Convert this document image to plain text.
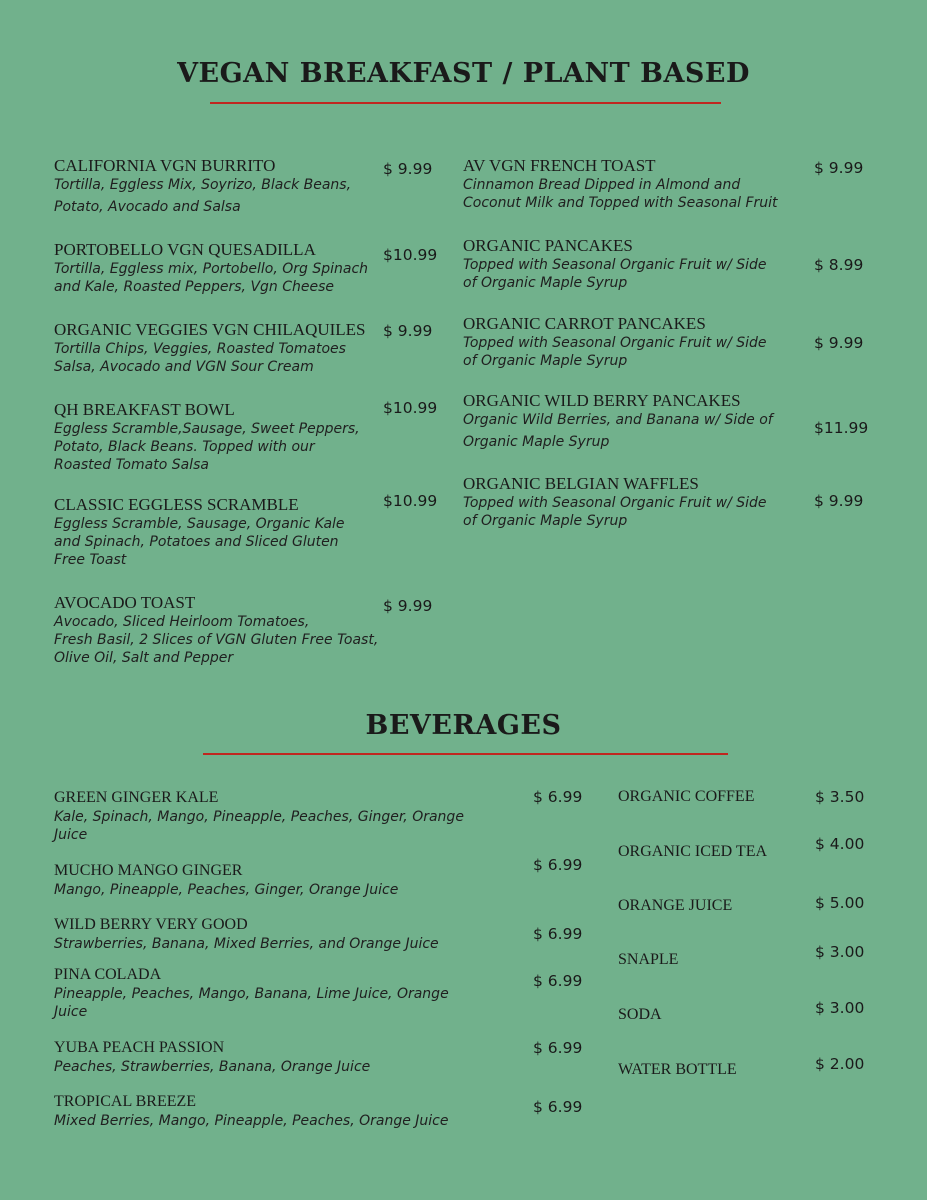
VEGAN BREAKFAST / PLANT BASED
CALIFORNIA VGN BURRITO
Tortilla, Eggless Mix, Soyrizo, Black Beans,
Potato, Avocado and Salsa
$ 9.99
PORTOBELLO VGN QUESADILLA
Tortilla, Eggless mix, Portobello, Org Spinach
and Kale, Roasted Peppers, Vgn Cheese
$10.99
ORGANIC VEGGIES VGN CHILAQUILES
Tortilla Chips, Veggies, Roasted Tomatoes
Salsa, Avocado and VGN Sour Cream
$ 9.99
QH BREAKFAST BOWL
Eggless Scramble,Sausage, Sweet Peppers,
Potato, Black Beans. Topped with our
Roasted Tomato Salsa
$10.99
CLASSIC EGGLESS SCRAMBLE
Eggless Scramble, Sausage, Organic Kale
and Spinach, Potatoes and Sliced Gluten
Free Toast
$10.99
AVOCADO TOAST
Avocado, Sliced Heirloom Tomatoes,
Fresh Basil, 2 Slices of VGN Gluten Free Toast,
Olive Oil, Salt and Pepper
$ 9.99
AV VGN FRENCH TOAST
Cinnamon Bread Dipped in Almond and
Coconut Milk and Topped with Seasonal Fruit
$ 9.99
ORGANIC PANCAKES
Topped with Seasonal Organic Fruit w/ Side
of Organic Maple Syrup
$ 8.99
ORGANIC CARROT PANCAKES
Topped with Seasonal Organic Fruit w/ Side
of Organic Maple Syrup
$ 9.99
ORGANIC WILD BERRY PANCAKES
Organic Wild Berries, and Banana w/ Side of
Organic Maple Syrup
$11.99
ORGANIC BELGIAN WAFFLES
Topped with Seasonal Organic Fruit w/ Side
of Organic Maple Syrup
$ 9.99
BEVERAGES
GREEN GINGER KALE
Kale, Spinach, Mango, Pineapple, Peaches, Ginger, Orange
Juice
$ 6.99
MUCHO MANGO GINGER
Mango, Pineapple, Peaches, Ginger, Orange Juice
$ 6.99
WILD BERRY VERY GOOD
Strawberries, Banana, Mixed Berries, and Orange Juice
$ 6.99
PINA COLADA
Pineapple, Peaches, Mango, Banana, Lime Juice, Orange
Juice
$ 6.99
YUBA PEACH PASSION
Peaches, Strawberries, Banana, Orange Juice
$ 6.99
TROPICAL BREEZE
Mixed Berries, Mango, Pineapple, Peaches, Orange Juice
$ 6.99
ORGANIC COFFEE	$ 3.50
ORGANIC ICED TEA	$ 4.00
ORANGE JUICE	$ 5.00
SNAPLE	$ 3.00
SODA	$ 3.00
WATER BOTTLE	$ 2.00
